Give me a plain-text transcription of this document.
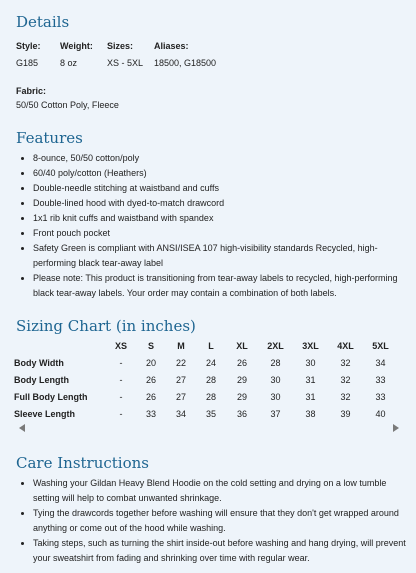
Details
Style:
G185
Weight:
8 oz
Sizes:
XS - 5XL
Aliases:
18500, G18500
Fabric:
50/50 Cotton Poly, Fleece
Features
• 8-ounce, 50/50 cotton/poly
• 60/40 poly/cotton (Heathers)
• Double-needle stitching at waistband and cuffs
• Double-lined hood with dyed-to-match drawcord
• 1x1 rib knit cuffs and waistband with spandex
• Front pouch pocket
• Safety Green is compliant with ANSI/ISEA 107 high-visibility standards Recycled, high-performing black tear-away label
• Please note: This product is transitioning from tear-away labels to recycled, high-performing black tear-away labels. Your order may contain a combination of both labels.
Sizing Chart (in inches)
	XS	S	M	L	XL	2XL	3XL	4XL	5XL
Body Width	-	20	22	24	26	28	30	32	34
Body Length	-	26	27	28	29	30	31	32	33
Full Body Length	-	26	27	28	29	30	31	32	33
Sleeve Length	-	33	34	35	36	37	38	39	40
Care Instructions
• Washing your Gildan Heavy Blend Hoodie on the cold setting and drying on a low tumble setting will help to combat unwanted shrinkage.
• Tying the drawcords together before washing will ensure that they don't get wrapped around anything or come out of the hood while washing.
• Taking steps, such as turning the shirt inside-out before washing and hang drying, will prevent your sweatshirt from fading and shrinking over time with regular wear.
